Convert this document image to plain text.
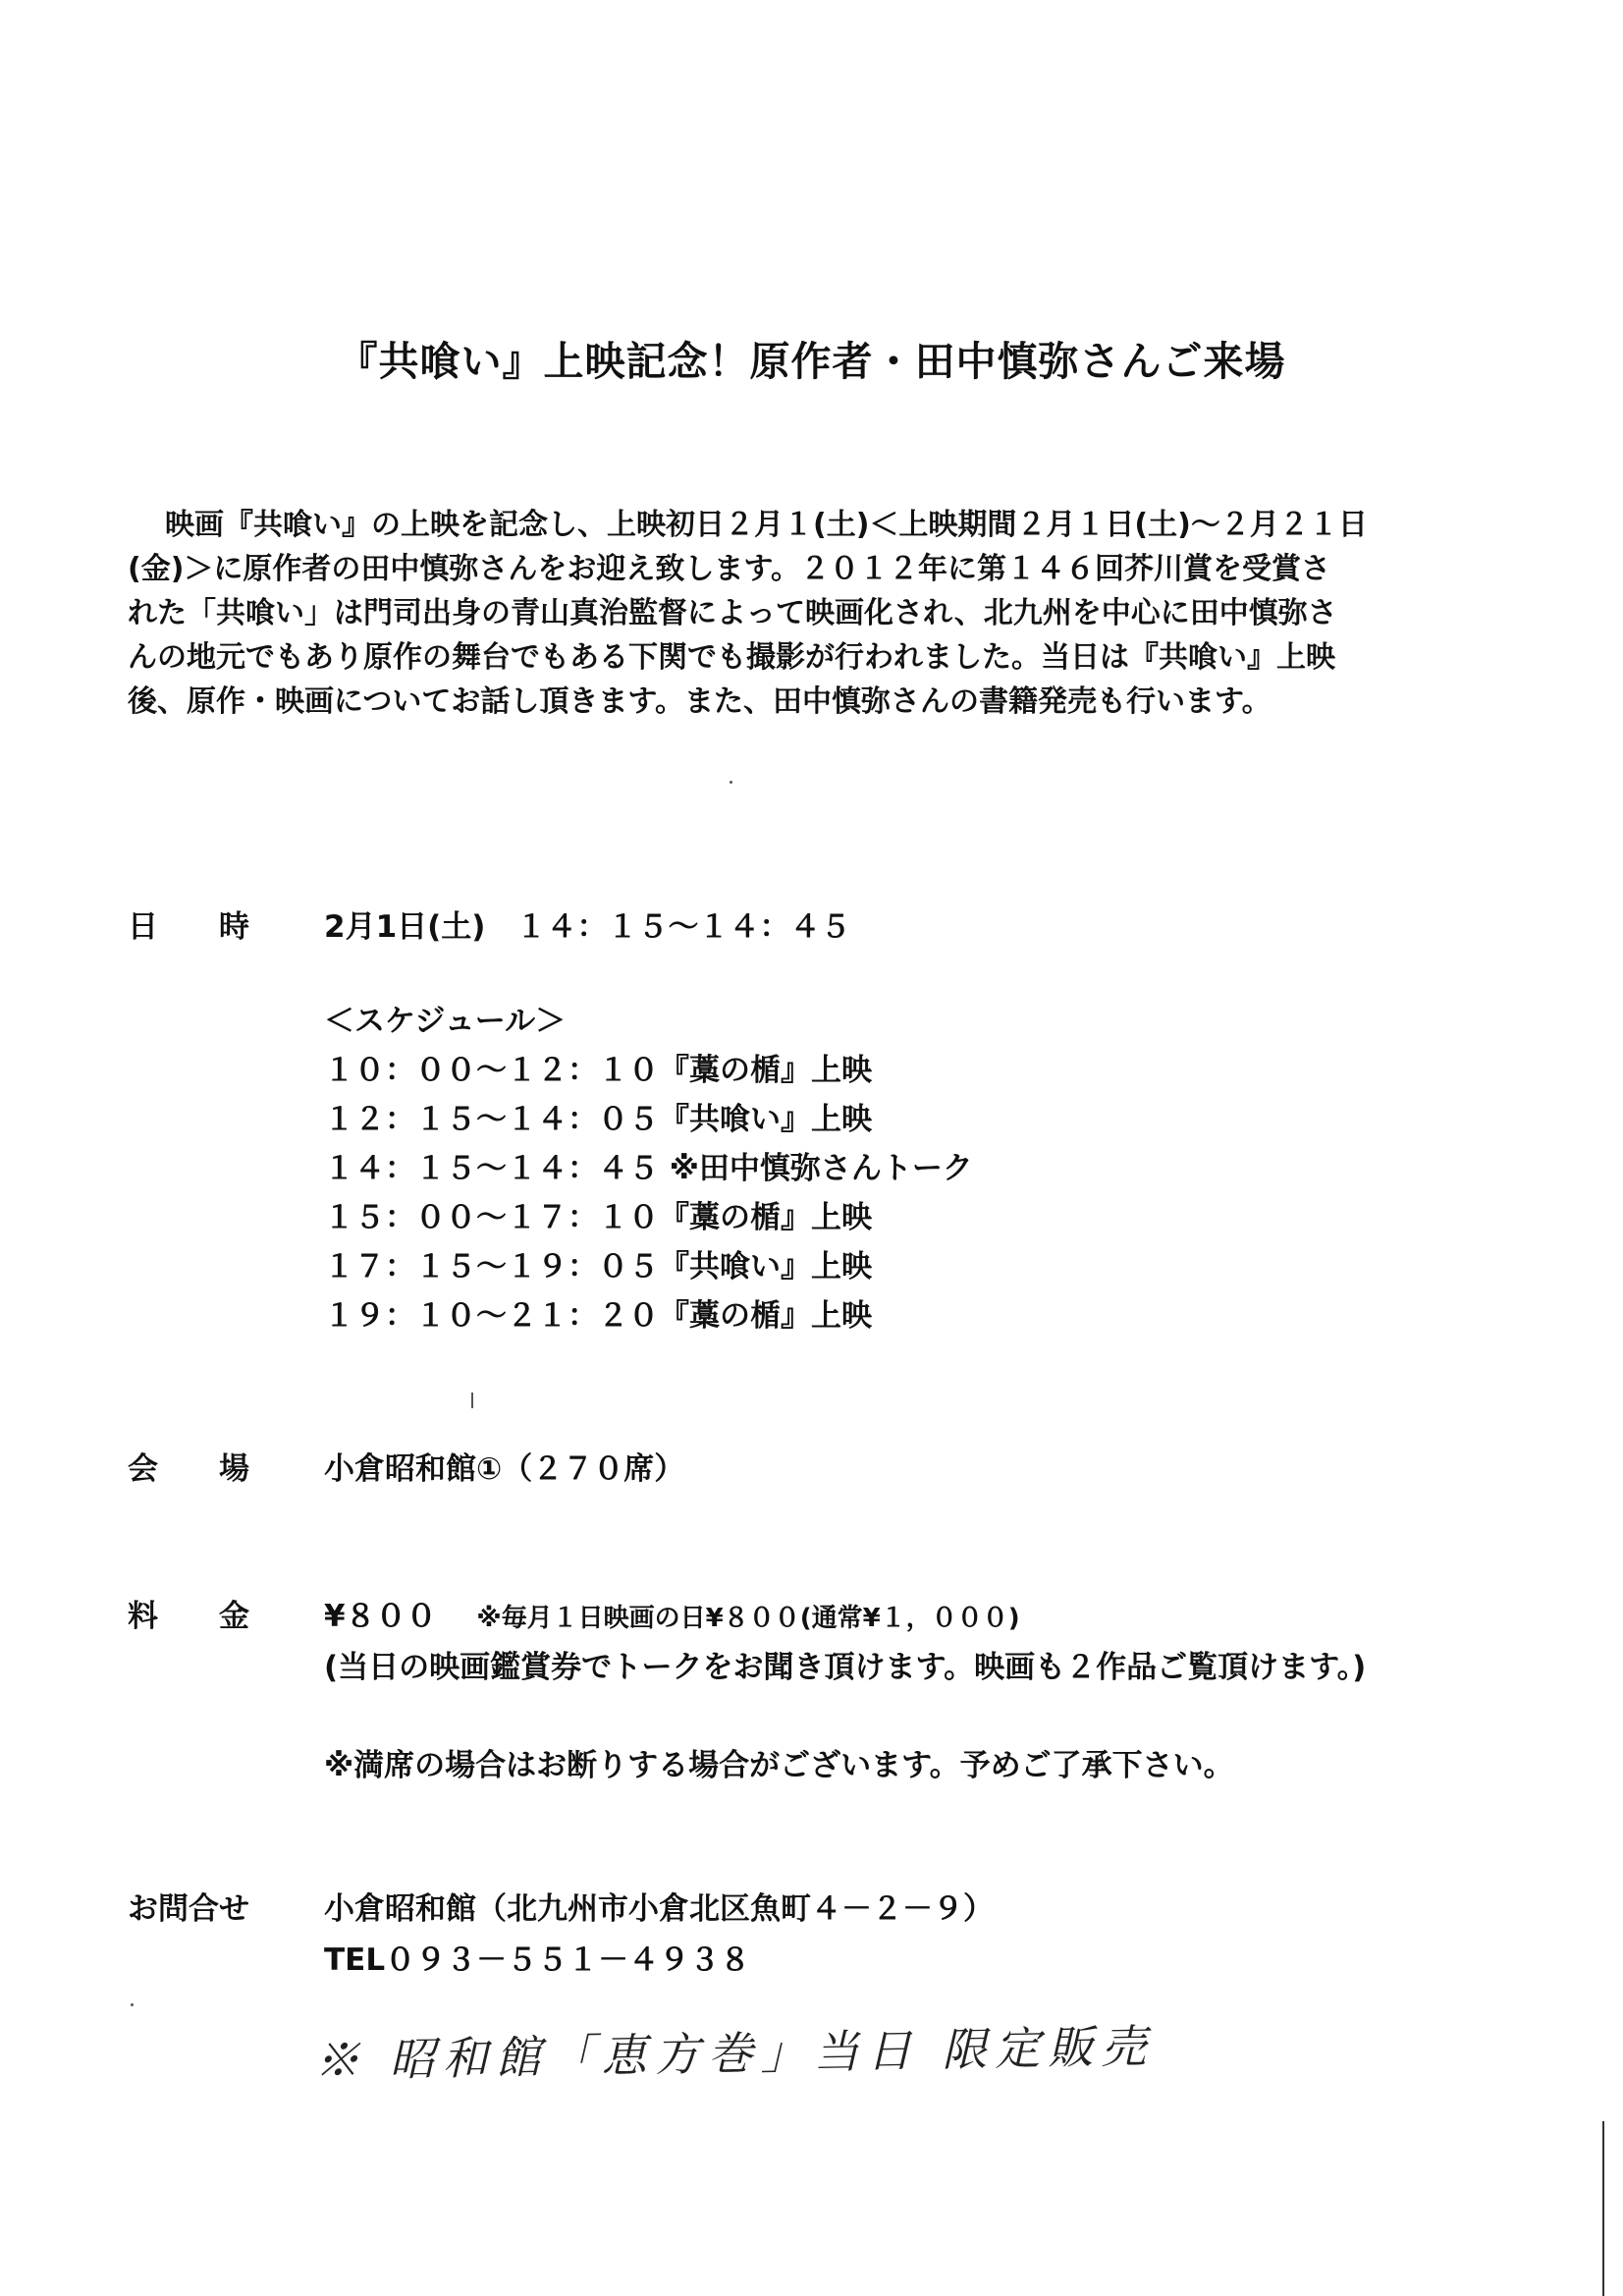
『共喰い』上映記念！原作者・田中慎弥さんご来場
映画『共喰い』の上映を記念し、上映初日２月１(土)＜上映期間２月１日(土)～２月２１日
(金)＞に原作者の田中慎弥さんをお迎え致します。２０１２年に第１４６回芥川賞を受賞さ
れた「共喰い」は門司出身の青山真治監督によって映画化され、北九州を中心に田中慎弥さ
んの地元でもあり原作の舞台でもある下関でも撮影が行われました。当日は『共喰い』上映
後、原作・映画についてお話し頂きます。また、田中慎弥さんの書籍発売も行います。
日　　時	2月1日(土)　１４：１５～１４：４５
＜スケジュール＞
１０：００～１２：１０『藁の楯』上映
１２：１５～１４：０５『共喰い』上映
１４：１５～１４：４５ ※田中慎弥さんトーク
１５：００～１７：１０『藁の楯』上映
１７：１５～１９：０５『共喰い』上映
１９：１０～２１：２０『藁の楯』上映
会　　場	小倉昭和館①（２７０席）
料　　金	¥８００ ※毎月１日映画の日¥８００(通常¥１，０００)
(当日の映画鑑賞券でトークをお聞き頂けます。映画も２作品ご覧頂けます。)
※満席の場合はお断りする場合がございます。予めご了承下さい。
お問合せ	小倉昭和館（北九州市小倉北区魚町４－２－９）
TEL０９３－５５１－４９３８
※ 昭和館「恵方巻」当日 限定販売
